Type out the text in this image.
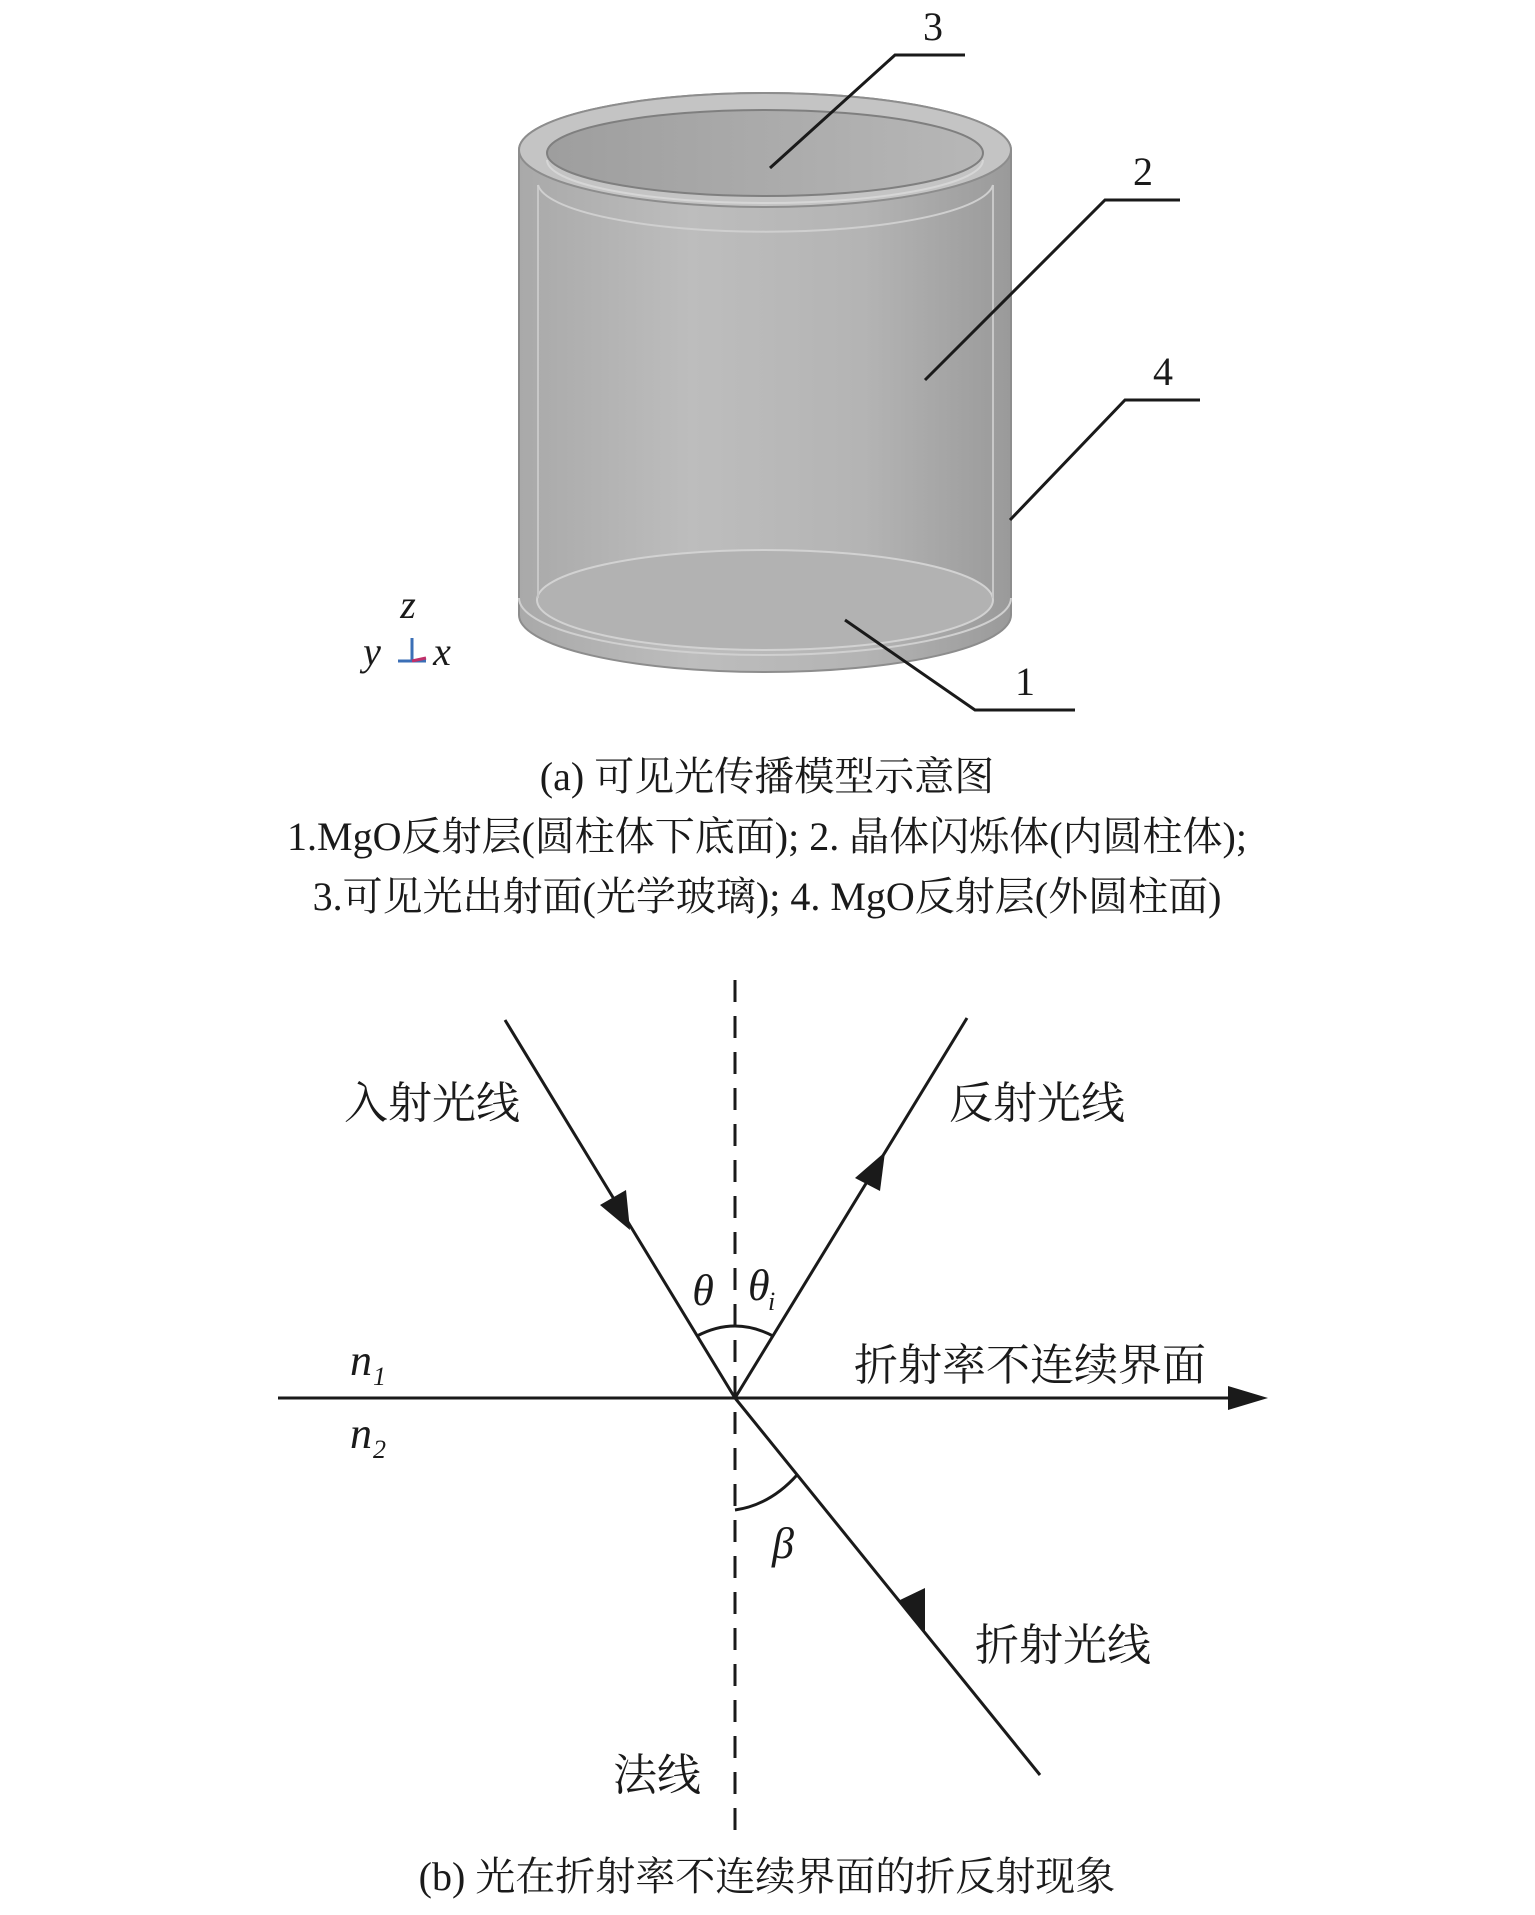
3
2
4
1
z
y x
(a) 可见光传播模型示意图
1.MgO反射层(圆柱体下底面); 2. 晶体闪烁体(内圆柱体);
3.可见光出射面(光学玻璃); 4. MgO反射层(外圆柱面)
入射光线	反射光线
折射率不连续界面
折射光线
法线
n 1
n 2
θ θ
i
β
(b) 光在折射率不连续界面的折反射现象
